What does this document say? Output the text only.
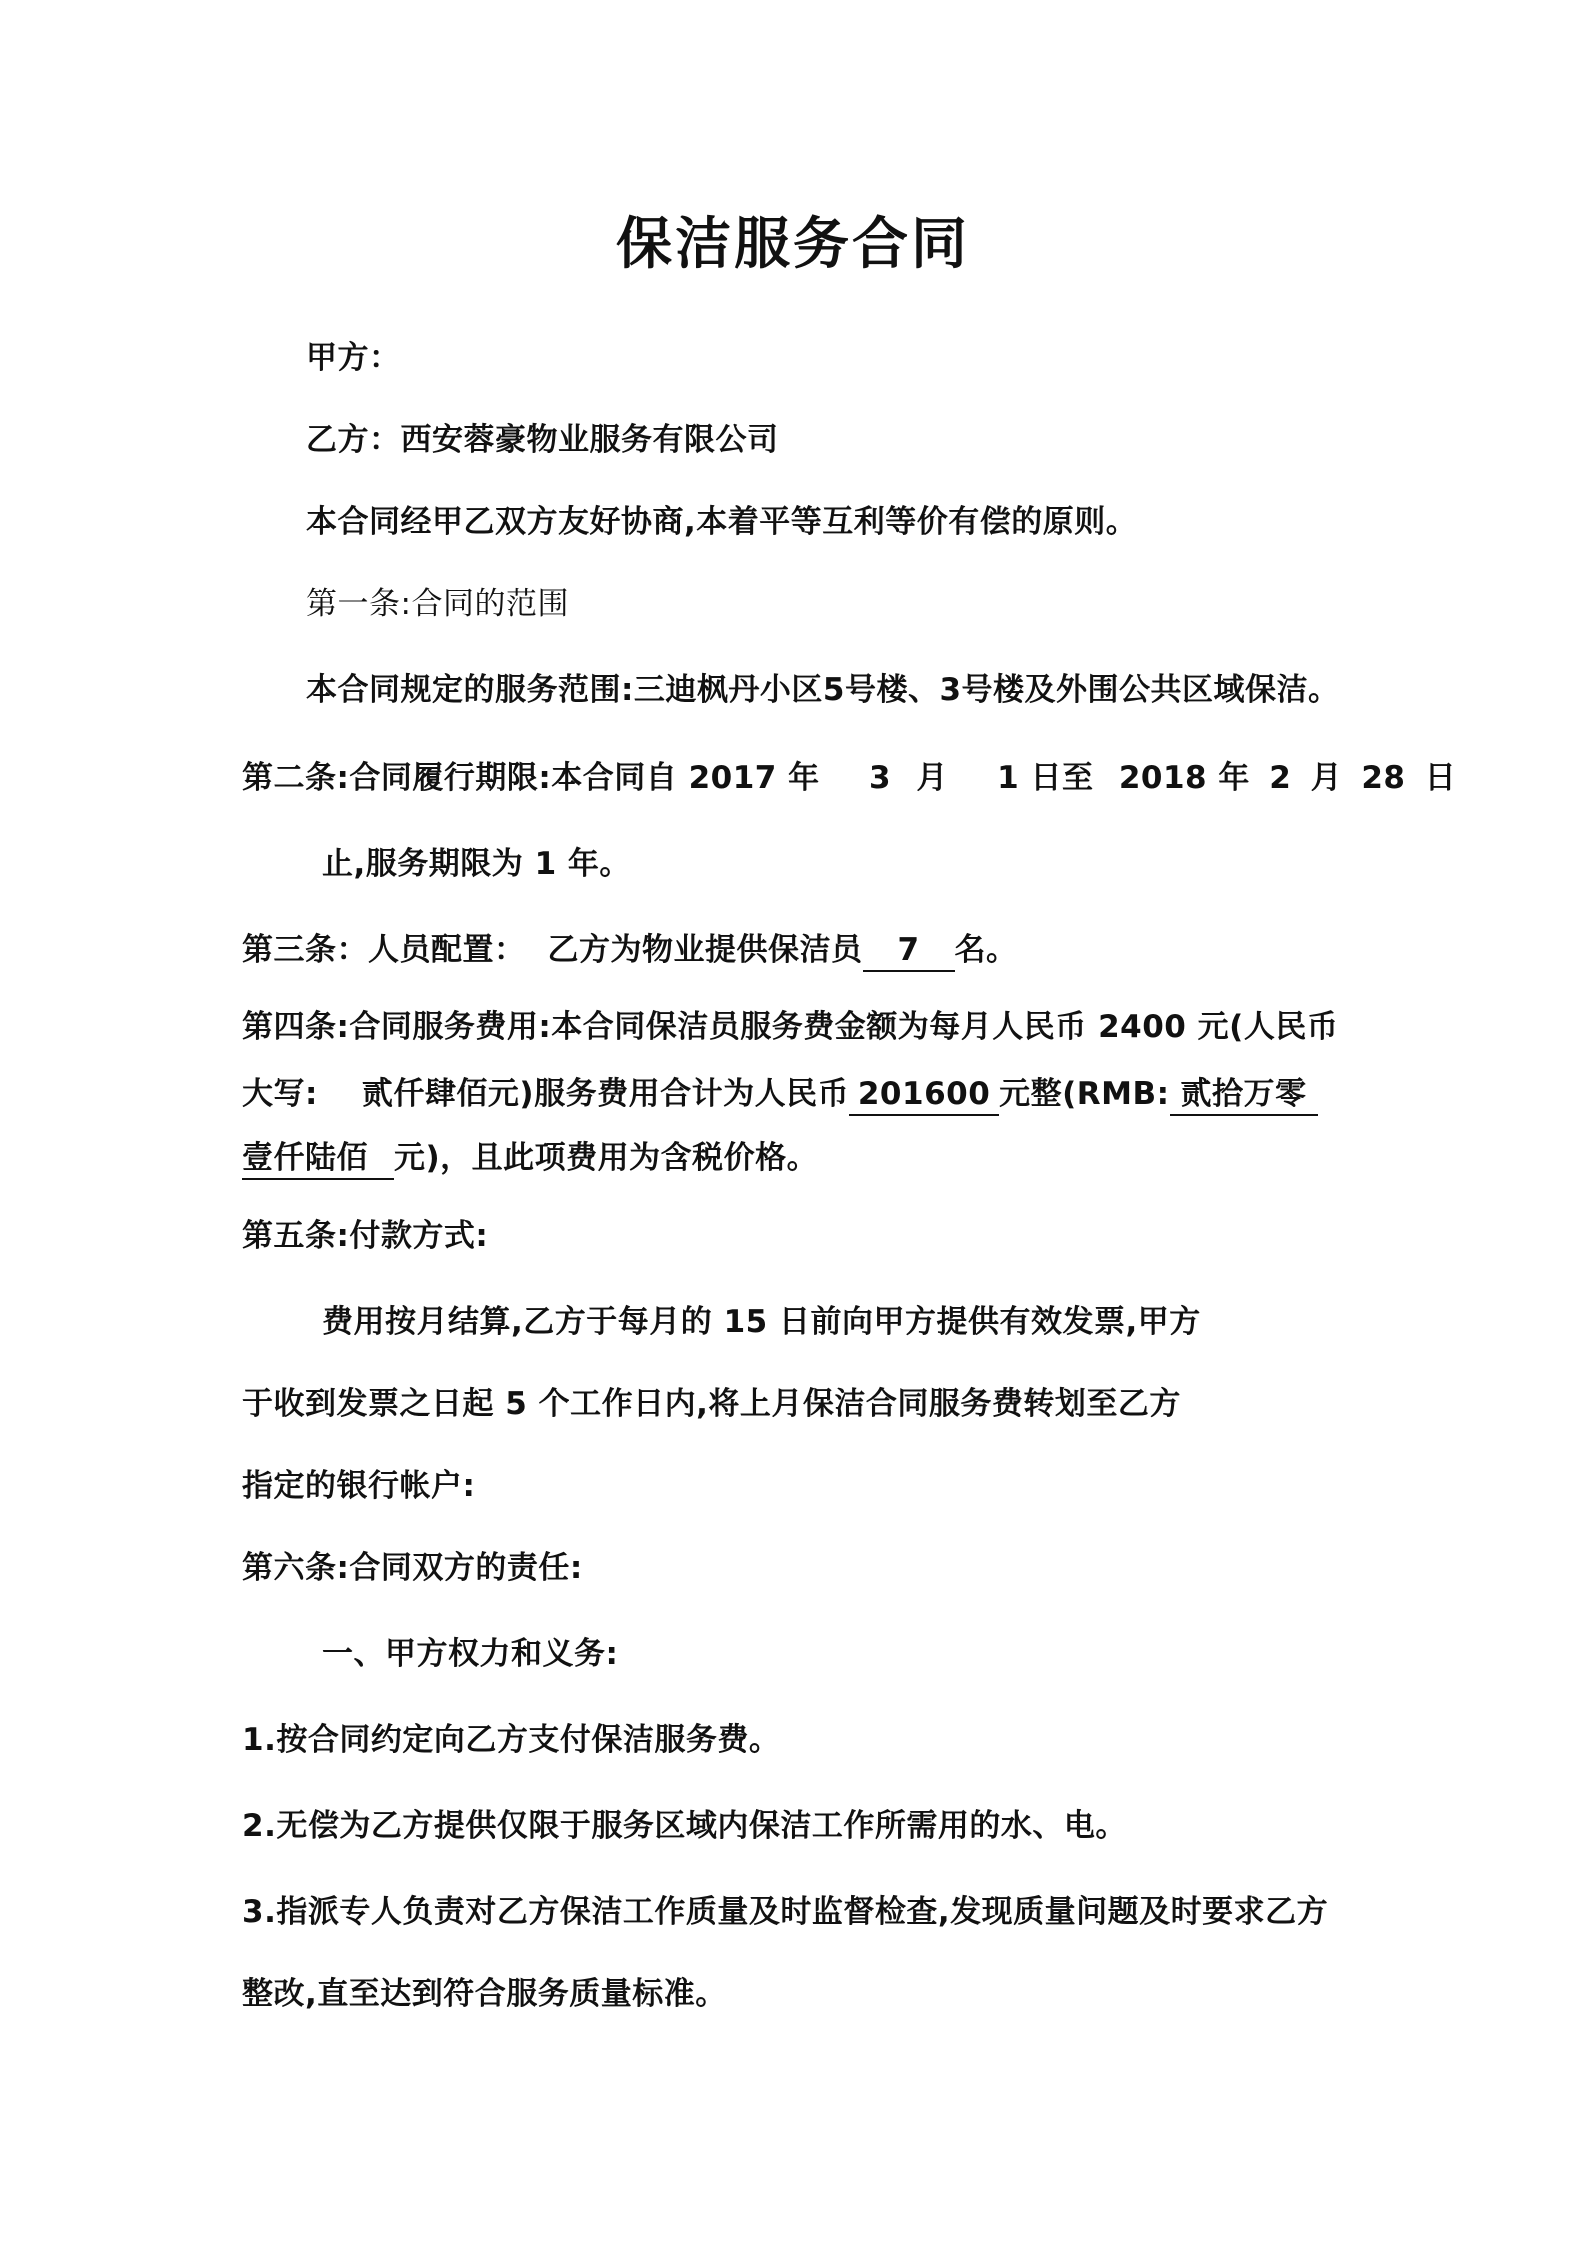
保洁服务合同
甲方：
乙方：西安蓉豪物业服务有限公司
本合同经甲乙双方友好协商,本着平等互利等价有偿的原则。
第一条:合同的范围
本合同规定的服务范围:三迪枫丹小区5号楼、3号楼及外围公共区域保洁。
第二条:合同履行期限:本合同自 2017 年 3 月 1 日至 2018 年 2 月 28 日
止,服务期限为 1 年。
第三条：人员配置： 乙方为物业提供保洁员 7 名。
第四条:合同服务费用:本合同保洁员服务费金额为每月人民币 2400 元(人民币
大写: 贰仟肆佰元)服务费用合计为人民币 201600 元整(RMB: 贰拾万零
壹仟陆佰 元)，且此项费用为含税价格。
第五条:付款方式:
费用按月结算,乙方于每月的 15 日前向甲方提供有效发票,甲方
于收到发票之日起 5 个工作日内,将上月保洁合同服务费转划至乙方
指定的银行帐户:
第六条:合同双方的责任:
一、甲方权力和义务:
1.按合同约定向乙方支付保洁服务费。
2.无偿为乙方提供仅限于服务区域内保洁工作所需用的水、电。
3.指派专人负责对乙方保洁工作质量及时监督检查,发现质量问题及时要求乙方
整改,直至达到符合服务质量标准。
